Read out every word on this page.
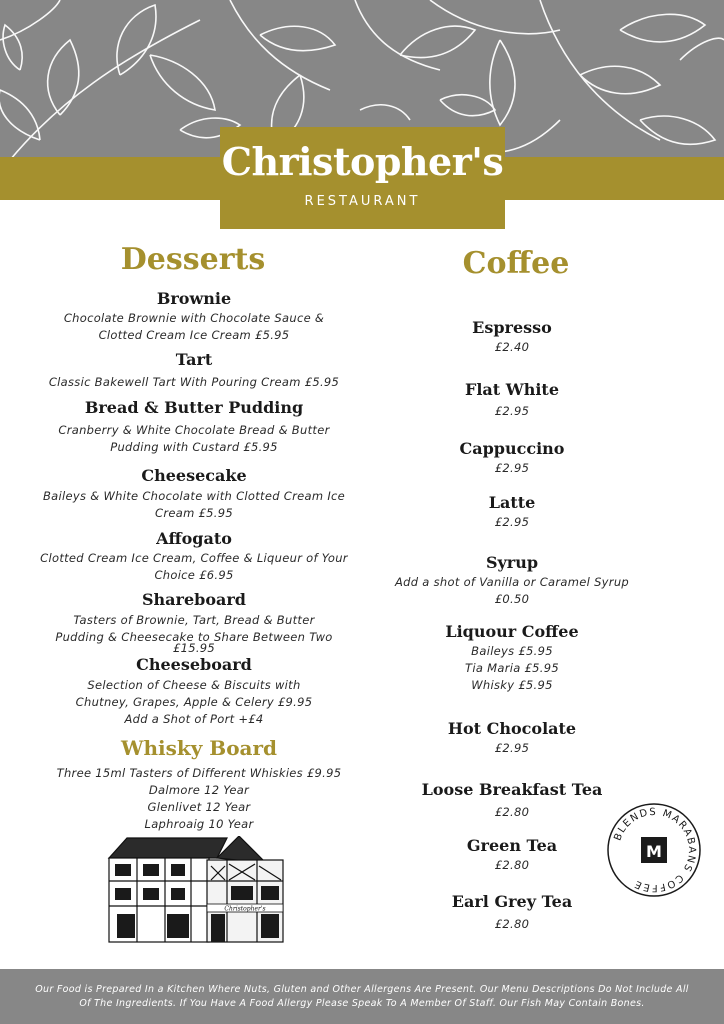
Christopher's
RESTAURANT
Desserts
Brownie
Chocolate Brownie with Chocolate Sauce &
Clotted Cream Ice Cream £5.95
Tart
Classic Bakewell Tart With Pouring Cream £5.95
Bread & Butter Pudding
Cranberry & White Chocolate Bread & Butter
Pudding with Custard £5.95
Cheesecake
Baileys & White Chocolate with Clotted Cream Ice
Cream £5.95
Affogato
Clotted Cream Ice Cream, Coffee & Liqueur of Your
Choice £6.95
Shareboard
Tasters of Brownie, Tart, Bread & Butter
Pudding & Cheesecake to Share Between Two
£15.95
Cheeseboard
Selection of Cheese & Biscuits with
Chutney, Grapes, Apple & Celery £9.95
Add a Shot of Port +£4
Whisky Board
Three 15ml Tasters of Different Whiskies £9.95
Dalmore 12 Year
Glenlivet 12 Year
Laphroaig 10 Year
Christopher's
Coffee
Espresso
£2.40
Flat White
£2.95
Cappuccino
£2.95
Latte
£2.95
Syrup
Add a shot of Vanilla or Caramel Syrup
£0.50
Liquour Coffee
Baileys £5.95
Tia Maria £5.95
Whisky £5.95
Hot Chocolate
£2.95
Loose Breakfast Tea
£2.80
Green Tea
£2.80
Earl Grey Tea
£2.80
M
BLENDS MARABANS COFFEE

Our Food is Prepared In a Kitchen Where Nuts, Gluten and Other Allergens Are Present. Our Menu Descriptions Do Not Include All Of The Ingredients. If You Have A Food Allergy Please Speak To A Member Of Staff. Our Fish May Contain Bones.
